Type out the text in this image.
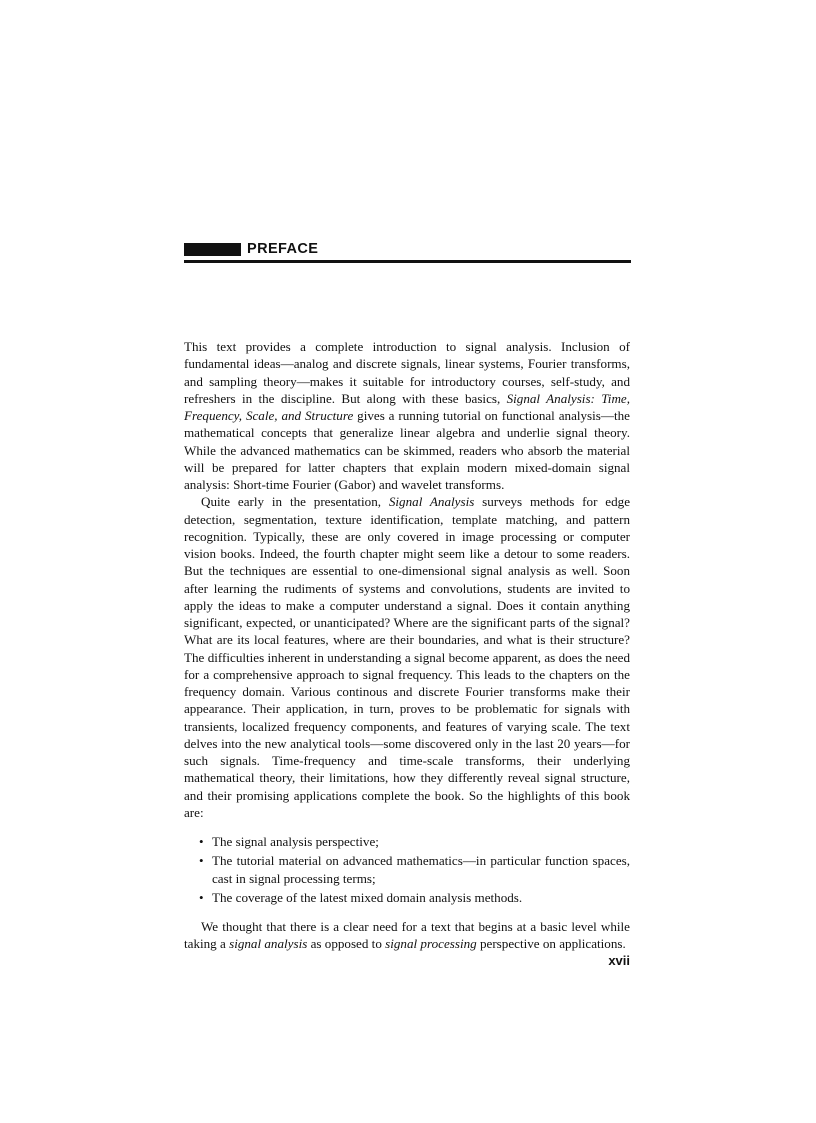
PREFACE

This text provides a complete introduction to signal analysis. Inclusion of fundamental ideas—analog and discrete signals, linear systems, Fourier transforms, and sampling theory—makes it suitable for introductory courses, self-study, and refreshers in the discipline. But along with these basics, Signal Analysis: Time, Frequency, Scale, and Structure gives a running tutorial on functional analysis—the mathematical concepts that generalize linear algebra and underlie signal theory. While the advanced mathematics can be skimmed, readers who absorb the material will be prepared for latter chapters that explain modern mixed-domain signal analysis: Short-time Fourier (Gabor) and wavelet transforms.

Quite early in the presentation, Signal Analysis surveys methods for edge detection, segmentation, texture identification, template matching, and pattern recognition. Typically, these are only covered in image processing or computer vision books. Indeed, the fourth chapter might seem like a detour to some readers. But the techniques are essential to one-dimensional signal analysis as well. Soon after learning the rudiments of systems and convolutions, students are invited to apply the ideas to make a computer understand a signal. Does it contain anything significant, expected, or unanticipated? Where are the significant parts of the signal? What are its local features, where are their boundaries, and what is their structure? The difficulties inherent in understanding a signal become apparent, as does the need for a comprehensive approach to signal frequency. This leads to the chapters on the frequency domain. Various continous and discrete Fourier transforms make their appearance. Their application, in turn, proves to be problematic for signals with transients, localized frequency components, and features of varying scale. The text delves into the new analytical tools—some discovered only in the last 20 years—for such signals. Time-frequency and time-scale transforms, their underlying mathematical theory, their limitations, how they differently reveal signal structure, and their promising applications complete the book. So the highlights of this book are:

• The signal analysis perspective;
• The tutorial material on advanced mathematics—in particular function spaces, cast in signal processing terms;
• The coverage of the latest mixed domain analysis methods.

We thought that there is a clear need for a text that begins at a basic level while taking a signal analysis as opposed to signal processing perspective on applications.

xvii
